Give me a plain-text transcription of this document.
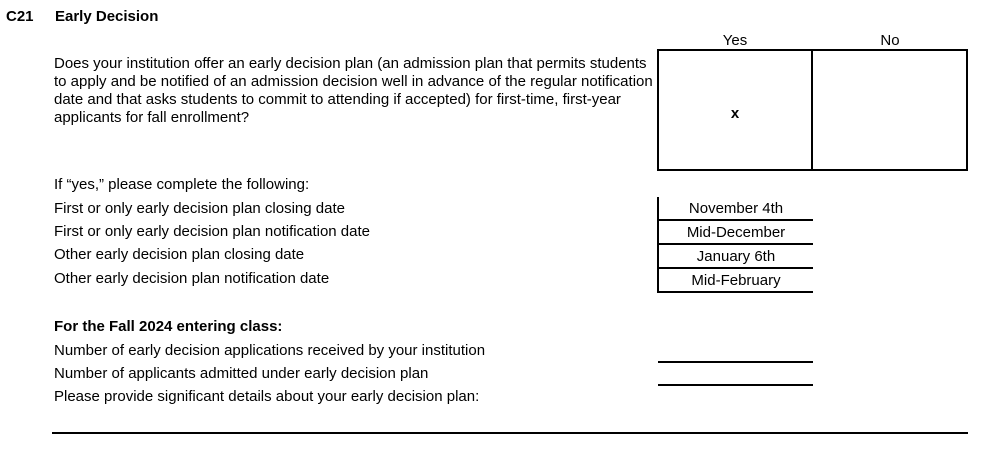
C21 Early Decision
Yes	No
Does your institution offer an early decision plan (an admission plan that permits students to apply and be notified of an admission decision well in advance of the regular notification date and that asks students to commit to attending if accepted) for first-time, first-year applicants for fall enrollment?	x
If “yes,” please complete the following:
First or only early decision plan closing date
First or only early decision plan notification date
Other early decision plan closing date
Other early decision plan notification date
November 4th
Mid-December
January 6th
Mid-February
For the Fall 2024 entering class:
Number of early decision applications received by your institution
Number of applicants admitted under early decision plan
Please provide significant details about your early decision plan:
